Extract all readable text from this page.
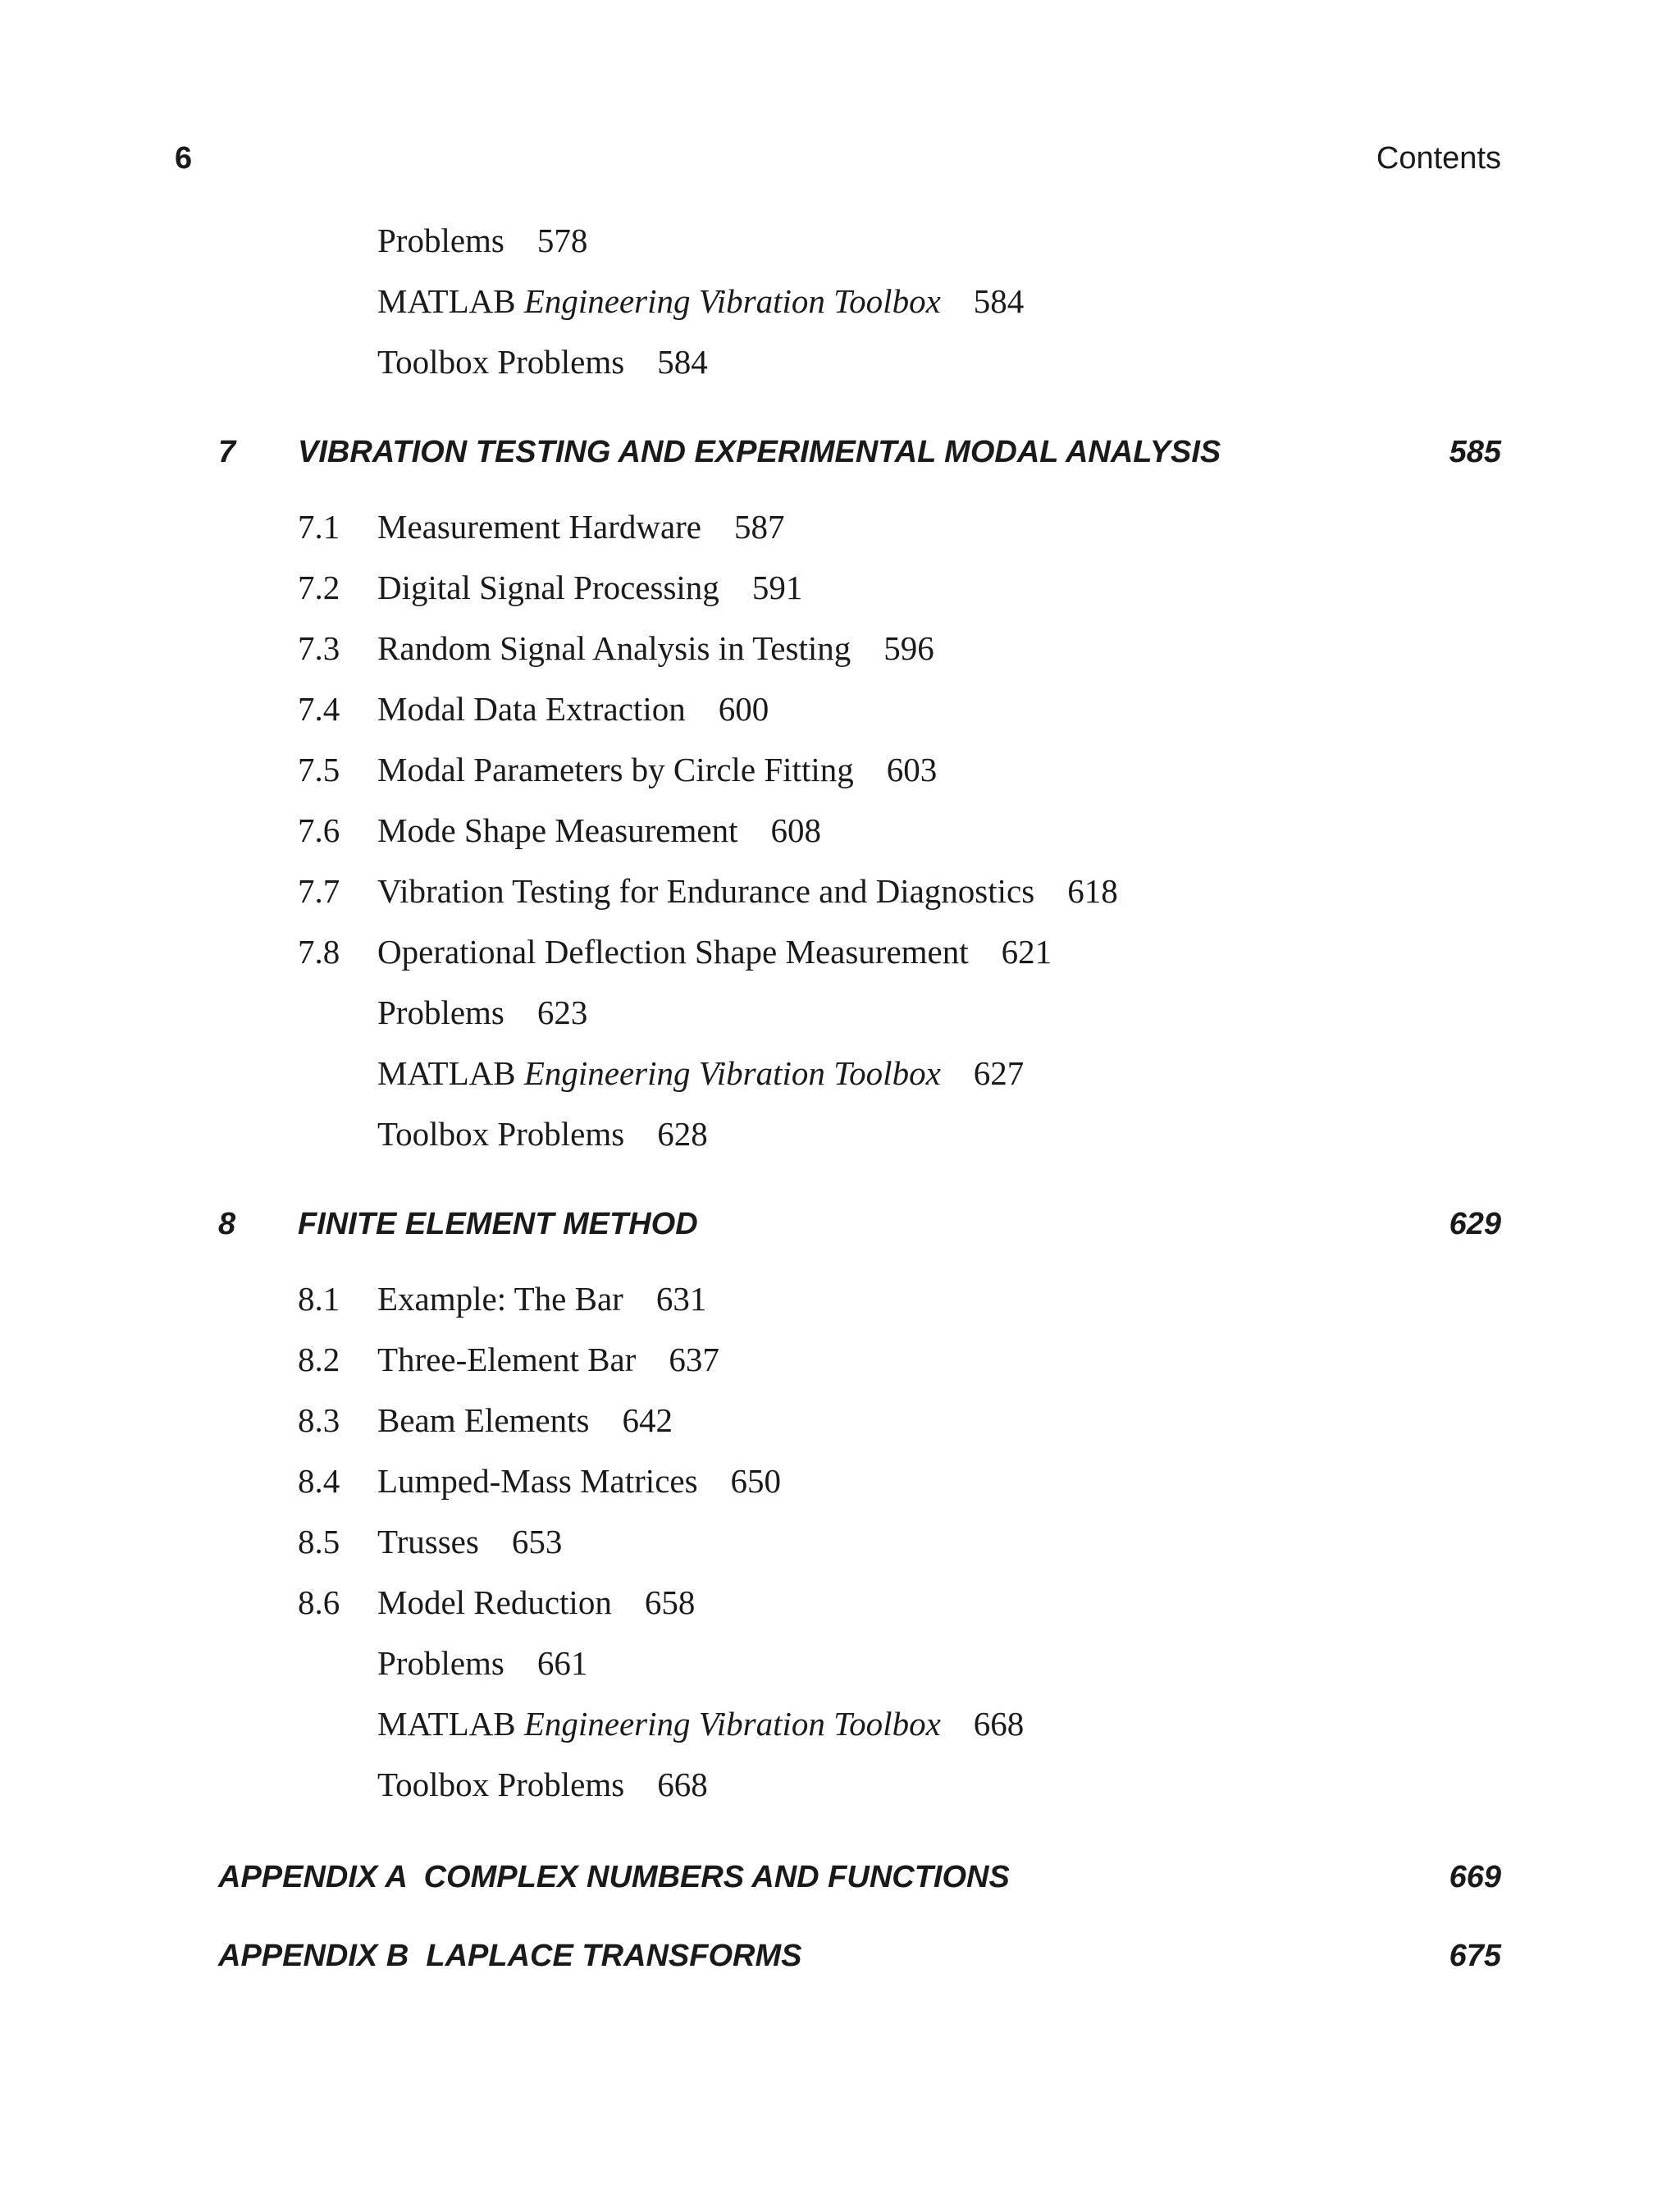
6	Contents
Problems 578
MATLAB Engineering Vibration Toolbox 584
Toolbox Problems 584
7	VIBRATION TESTING AND EXPERIMENTAL MODAL ANALYSIS	585
7.1	Measurement Hardware 587
7.2	Digital Signal Processing 591
7.3	Random Signal Analysis in Testing 596
7.4	Modal Data Extraction 600
7.5	Modal Parameters by Circle Fitting 603
7.6	Mode Shape Measurement 608
7.7	Vibration Testing for Endurance and Diagnostics 618
7.8	Operational Deflection Shape Measurement 621
Problems 623
MATLAB Engineering Vibration Toolbox 627
Toolbox Problems 628
8	FINITE ELEMENT METHOD	629
8.1	Example: The Bar 631
8.2	Three-Element Bar 637
8.3	Beam Elements 642
8.4	Lumped-Mass Matrices 650
8.5	Trusses 653
8.6	Model Reduction 658
Problems 661
MATLAB Engineering Vibration Toolbox 668
Toolbox Problems 668
APPENDIX A  COMPLEX NUMBERS AND FUNCTIONS	669
APPENDIX B  LAPLACE TRANSFORMS	675
